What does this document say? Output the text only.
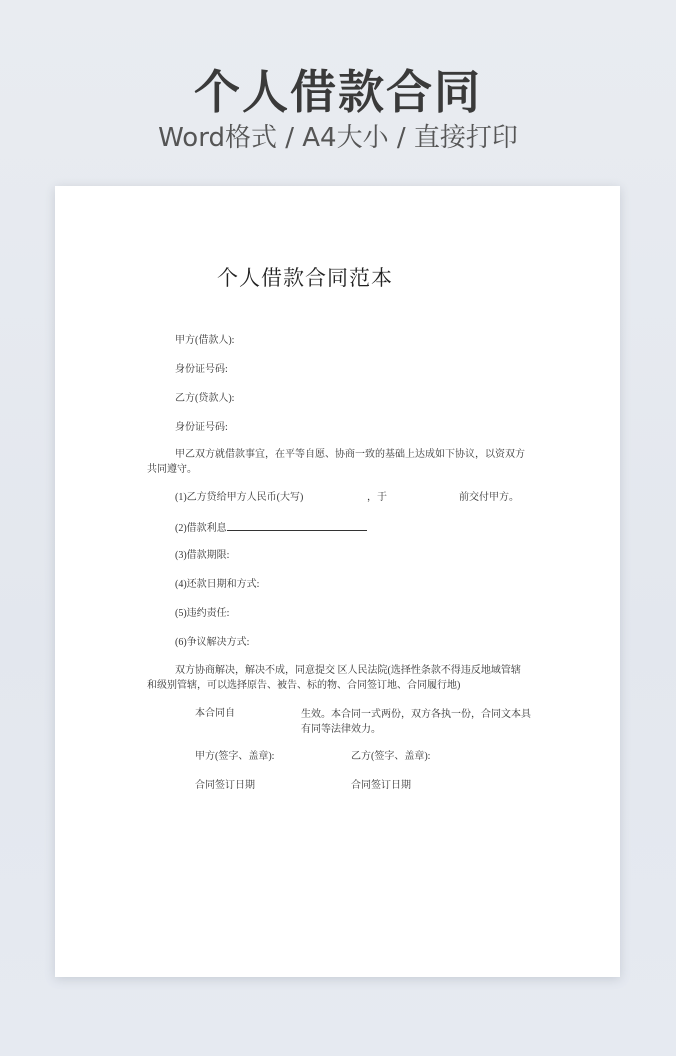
个人借款合同
Word格式 / A4大小 / 直接打印
个人借款合同范本
甲方(借款人):
身份证号码:
乙方(贷款人):
身份证号码:
甲乙双方就借款事宜，在平等自愿、协商一致的基础上达成如下协议，以资双方共同遵守。
(1)乙方贷给甲方人民币(大写)	，于	前交付甲方。
(2)借款利息
(3)借款期限:
(4)还款日期和方式:
(5)违约责任:
(6)争议解决方式:
双方协商解决，解决不成，同意提交 区人民法院(选择性条款不得违反地域管辖和级别管辖，可以选择原告、被告、标的物、合同签订地、合同履行地)
本合同自	生效。本合同一式两份，双方各执一份，合同文本具有同等法律效力。
甲方(签字、盖章):	乙方(签字、盖章):
合同签订日期	合同签订日期
